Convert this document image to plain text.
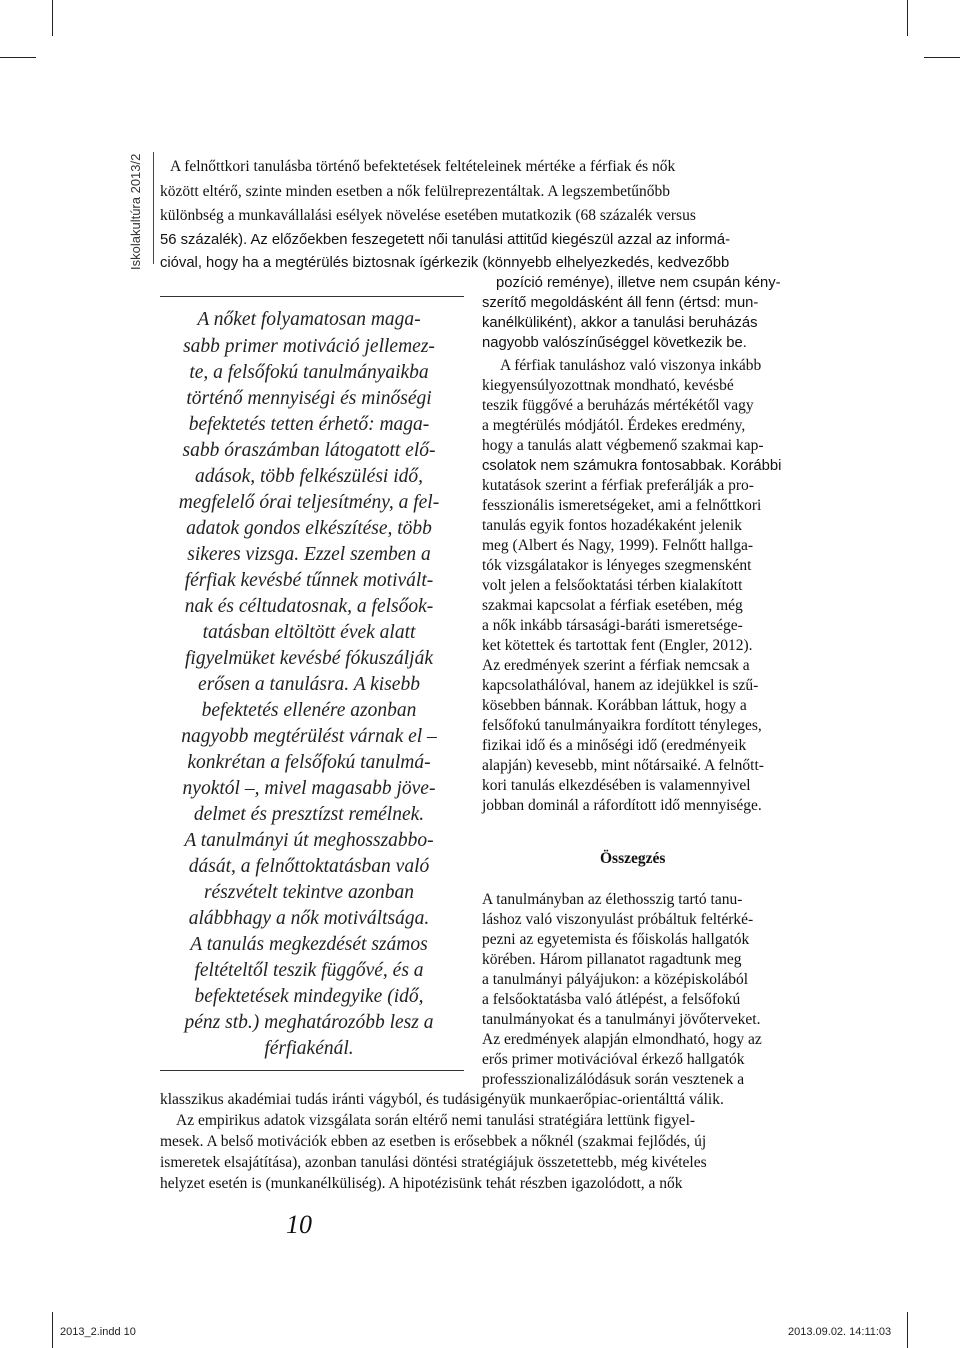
Iskolakultúra 2013/2 A felnőttkori tanulásba történő befektetések feltételeinek mértéke a férfiak és nők
között eltérő, szinte minden esetben a nők felülreprezentáltak. A legszembetűnőbb
különbség a munkavállalási esélyek növelése esetében mutatkozik (68 százalék versus
56 százalék). Az előzőekben feszegetett női tanulási attitűd kiegészül azzal az informá-
cióval, hogy ha a megtérülés biztosnak ígérkezik (könnyebb elhelyezkedés, kedvezőbb
A nőket folyamatosan maga-
sabb primer motiváció jellemez-
te, a felsőfokú tanulmányaikba
történő mennyiségi és minőségi
befektetés tetten érhető: maga-
sabb óraszámban látogatott elő-
adások, több felkészülési idő,
megfelelő órai teljesítmény, a fel-
adatok gondos elkészítése, több
sikeres vizsga. Ezzel szemben a
férfiak kevésbé tűnnek motivált-
nak és céltudatosnak, a felsőok-
tatásban eltöltött évek alatt
figyelmüket kevésbé fókuszálják
erősen a tanulásra. A kisebb
befektetés ellenére azonban
nagyobb megtérülést várnak el –
konkrétan a felsőfokú tanulmá-
nyoktól –, mivel magasabb jöve-
delmet és presztízst remélnek.
A tanulmányi út meghosszabbo-
dását, a felnőttoktatásban való
részvételt tekintve azonban
alábbhagy a nők motiváltsága.
A tanulás megkezdését számos
feltételtől teszik függővé, és a
befektetések mindegyike (idő,
pénz stb.) meghatározóbb lesz a
férfiakénál.
pozíció reménye), illetve nem csupán kény-
szerítő megoldásként áll fenn (értsd: mun-
kanélküliként), akkor a tanulási beruházás
nagyobb valószínűséggel következik be.
A férfiak tanuláshoz való viszonya inkább
kiegyensúlyozottnak mondható, kevésbé
teszik függővé a beruházás mértékétől vagy
a megtérülés módjától. Érdekes eredmény,
hogy a tanulás alatt végbemenő szakmai kap-
csolatok nem számukra fontosabbak. Korábbi
kutatások szerint a férfiak preferálják a pro-
fesszionális ismeretségeket, ami a felnőttkori
tanulás egyik fontos hozadékaként jelenik
meg (Albert és Nagy, 1999). Felnőtt hallga-
tók vizsgálatakor is lényeges szegmensként
volt jelen a felsőoktatási térben kialakított
szakmai kapcsolat a férfiak esetében, még
a nők inkább társasági-baráti ismeretsége-
ket kötettek és tartottak fent (Engler, 2012).
Az eredmények szerint a férfiak nemcsak a
kapcsolathálóval, hanem az idejükkel is szű-
kösebben bánnak. Korábban láttuk, hogy a
felsőfokú tanulmányaikra fordított tényleges,
fizikai idő és a minőségi idő (eredményeik
alapján) kevesebb, mint nőtársaiké. A felnőtt-
kori tanulás elkezdésében is valamennyivel
jobban dominál a ráfordított idő mennyisége.
Összegzés
A tanulmányban az élethosszig tartó tanu-
láshoz való viszonyulást próbáltuk feltérké-
pezni az egyetemista és főiskolás hallgatók
körében. Három pillanatot ragadtunk meg
a tanulmányi pályájukon: a középiskolából
a felsőoktatásba való átlépést, a felsőfokú
tanulmányokat és a tanulmányi jövőterveket.
Az eredmények alapján elmondható, hogy az
erős primer motivációval érkező hallgatók
professzionalizálódásuk során vesztenek a
klasszikus akadémiai tudás iránti vágyból, és tudásigényük munkaerőpiac-orientálttá válik.
Az empirikus adatok vizsgálata során eltérő nemi tanulási stratégiára lettünk figyel-
mesek. A belső motivációk ebben az esetben is erősebbek a nőknél (szakmai fejlődés, új
ismeretek elsajátítása), azonban tanulási döntési stratégiájuk összetettebb, még kivételes
helyzet esetén is (munkanélküliség). A hipotézisünk tehát részben igazolódott, a nők
10
2013_2.indd 10	2013.09.02. 14:11:03
